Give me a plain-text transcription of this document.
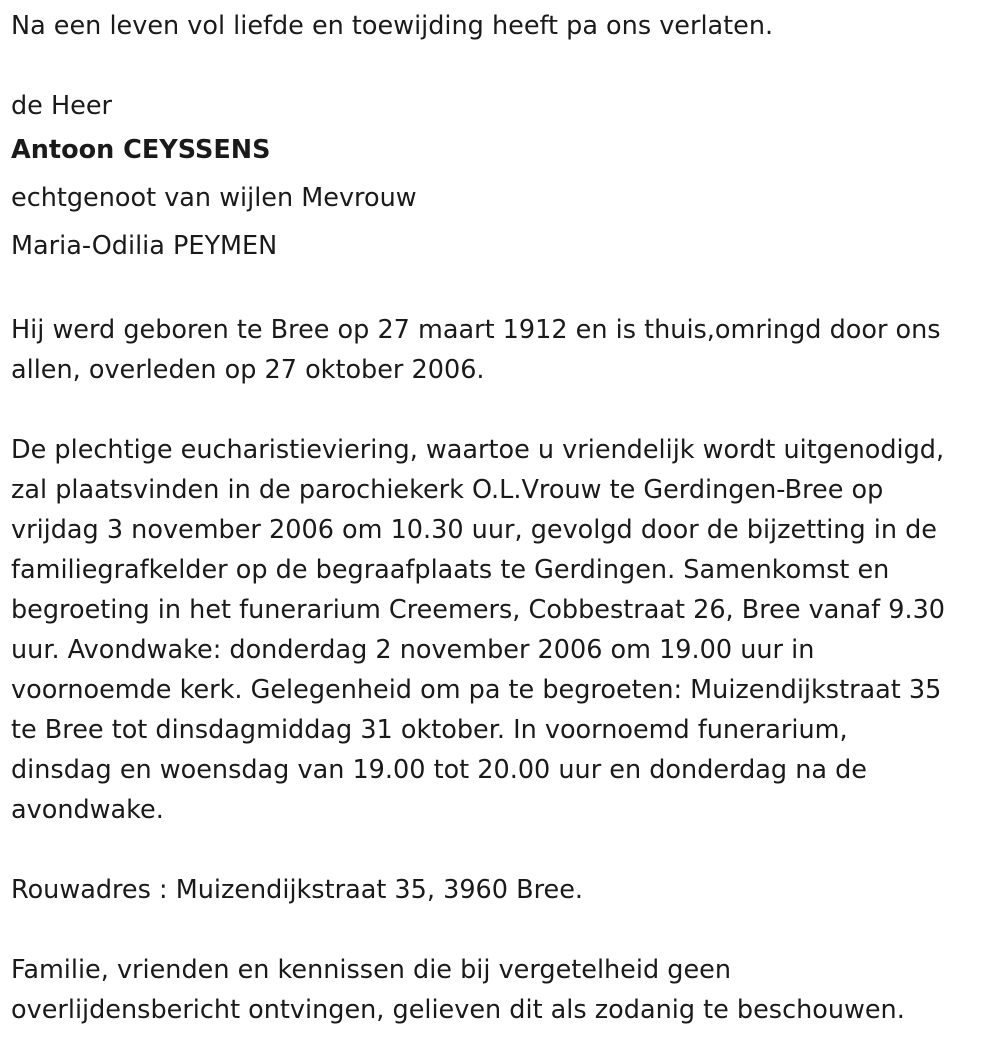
Na een leven vol liefde en toewijding heeft pa ons verlaten.

de Heer

Antoon CEYSSENS

echtgenoot van wijlen Mevrouw

Maria-Odilia PEYMEN

Hij werd geboren te Bree op 27 maart 1912 en is thuis,omringd door ons
allen, overleden op 27 oktober 2006.

De plechtige eucharistieviering, waartoe u vriendelijk wordt uitgenodigd,
zal plaatsvinden in de parochiekerk O.L.Vrouw te Gerdingen-Bree op
vrijdag 3 november 2006 om 10.30 uur, gevolgd door de bijzetting in de
familiegrafkelder op de begraafplaats te Gerdingen. Samenkomst en
begroeting in het funerarium Creemers, Cobbestraat 26, Bree vanaf 9.30
uur. Avondwake: donderdag 2 november 2006 om 19.00 uur in
voornoemde kerk. Gelegenheid om pa te begroeten: Muizendijkstraat 35
te Bree tot dinsdagmiddag 31 oktober. In voornoemd funerarium,
dinsdag en woensdag van 19.00 tot 20.00 uur en donderdag na de
avondwake.

Rouwadres : Muizendijkstraat 35, 3960 Bree.

Familie, vrienden en kennissen die bij vergetelheid geen
overlijdensbericht ontvingen, gelieven dit als zodanig te beschouwen.
